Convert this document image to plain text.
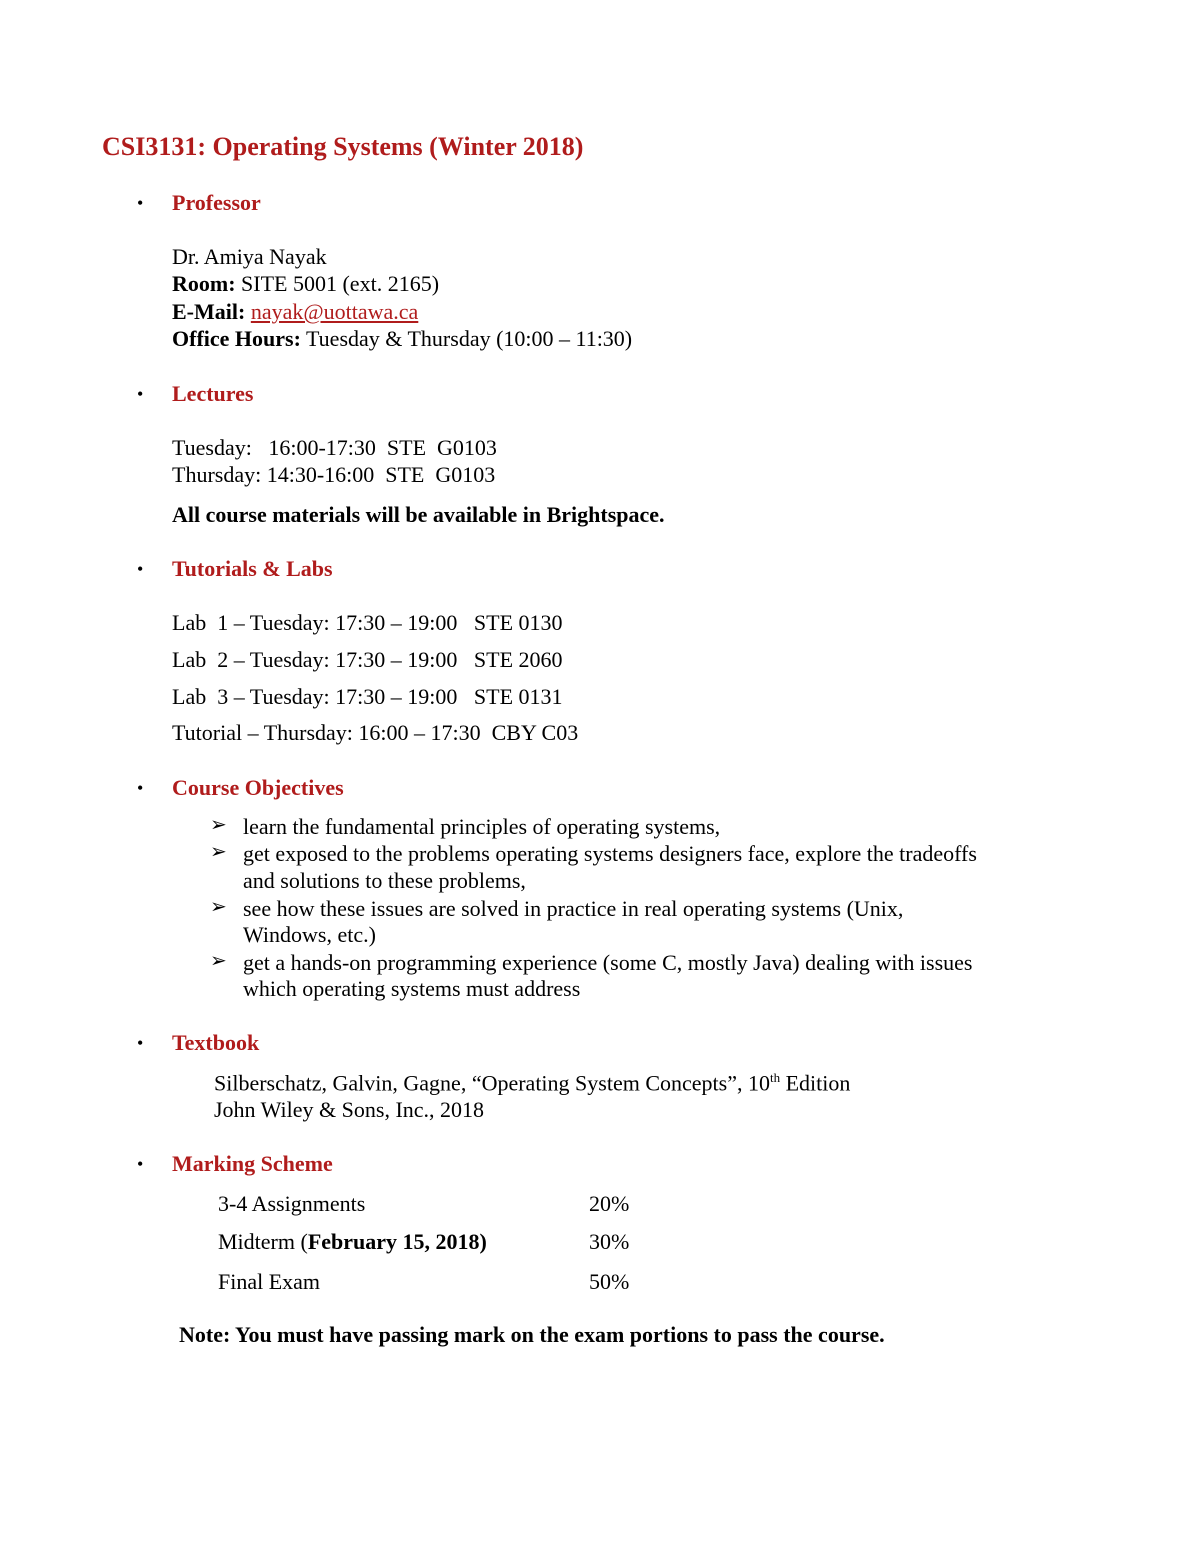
CSI3131: Operating Systems (Winter 2018)
• Professor
Dr. Amiya Nayak
Room: SITE 5001 (ext. 2165)
E-Mail: nayak@uottawa.ca
Office Hours: Tuesday & Thursday (10:00 – 11:30)
• Lectures
Tuesday:   16:00-17:30  STE  G0103
Thursday: 14:30-16:00  STE  G0103
All course materials will be available in Brightspace.
• Tutorials & Labs
Lab  1 – Tuesday: 17:30 – 19:00   STE 0130
Lab  2 – Tuesday: 17:30 – 19:00   STE 2060
Lab  3 – Tuesday: 17:30 – 19:00   STE 0131
Tutorial – Thursday: 16:00 – 17:30  CBY C03
• Course Objectives
➢ learn the fundamental principles of operating systems,
➢ get exposed to the problems operating systems designers face, explore the tradeoffs
and solutions to these problems,
➢ see how these issues are solved in practice in real operating systems (Unix,
Windows, etc.)
➢ get a hands-on programming experience (some C, mostly Java) dealing with issues
which operating systems must address
• Textbook
Silberschatz, Galvin, Gagne, “Operating System Concepts”, 10th Edition
John Wiley & Sons, Inc., 2018
• Marking Scheme
3-4 Assignments	20%
Midterm (February 15, 2018)	30%
Final Exam	50%
Note: You must have passing mark on the exam portions to pass the course.
